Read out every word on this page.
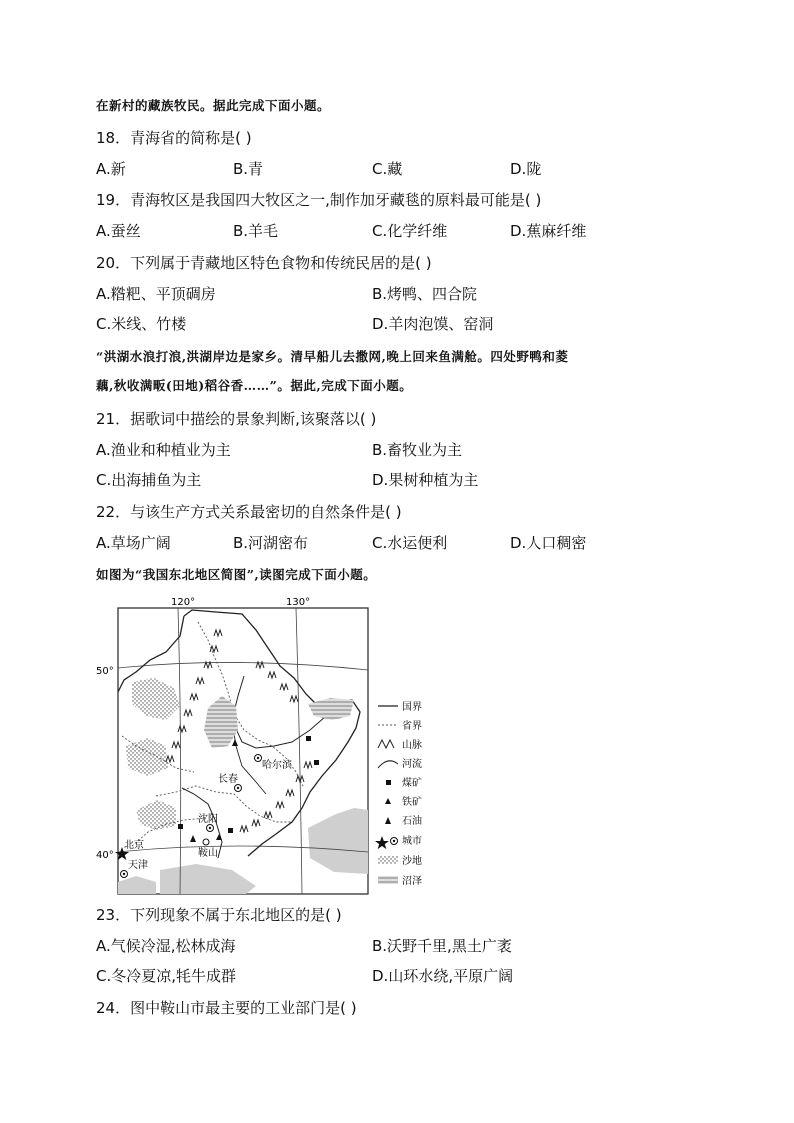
在新村的藏族牧民。据此完成下面小题。
18．青海省的简称是( )
A.新	B.青	C.藏	D.陇
19．青海牧区是我国四大牧区之一,制作加牙藏毯的原料最可能是( )
A.蚕丝	B.羊毛	C.化学纤维	D.蕉麻纤维
20．下列属于青藏地区特色食物和传统民居的是( )
A.糌粑、平顶碉房	B.烤鸭、四合院
C.米线、竹楼	D.羊肉泡馍、窑洞
“洪湖水浪打浪,洪湖岸边是家乡。清早船儿去撒网,晚上回来鱼满舱。四处野鸭和菱
藕,秋收满畈(田地)稻谷香……”。据此,完成下面小题。
21．据歌词中描绘的景象判断,该聚落以( )
A.渔业和种植业为主	B.畜牧业为主
C.出海捕鱼为主	D.果树种植为主
22．与该生产方式关系最密切的自然条件是( )
A.草场广阔	B.河湖密布	C.水运便利	D.人口稠密
如图为“我国东北地区简图”,读图完成下面小题。
120°	130°
50°
40°
哈尔滨
长春
沈阳
鞍山
北京
天津
国界
省界
山脉
河流
煤矿
铁矿
石油
城市
沙地
沼泽
23．下列现象不属于东北地区的是( )
A.气候冷湿,松林成海	B.沃野千里,黑土广袤
C.冬冷夏凉,牦牛成群	D.山环水绕,平原广阔
24．图中鞍山市最主要的工业部门是( )
